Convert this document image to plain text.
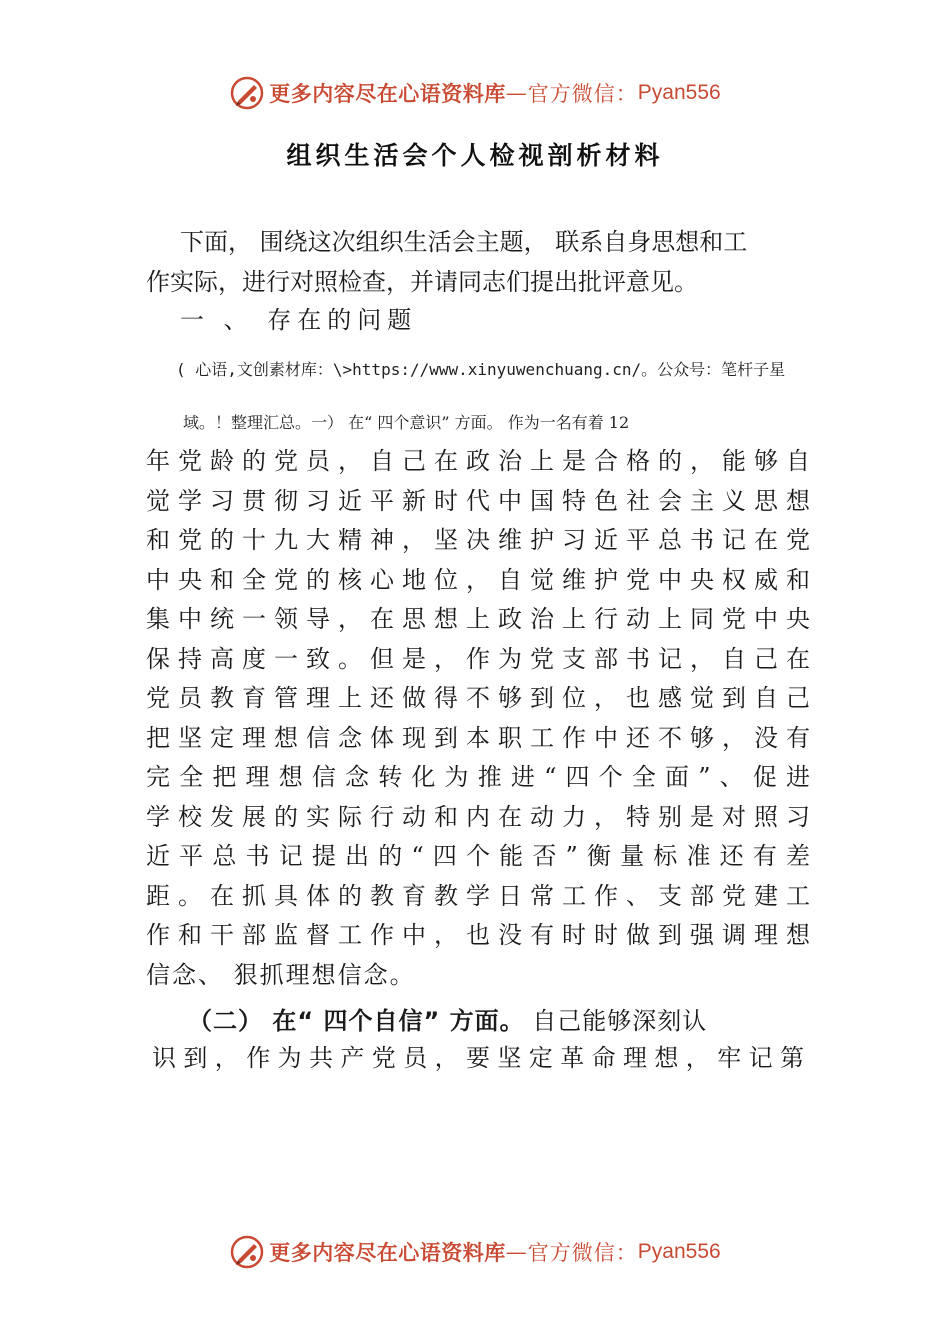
更多内容尽在心语资料库 — 官方微信： Pyan556
组织生活会个人检视剖析材料
下面， 围绕这次组织生活会主题， 联系自身思想和工
作实际，进行对照检查，并请同志们提出批评意见。
一 、 存在的问题
( 心语,文创素材库：\>https://www.xinyuwenchuang.cn/。公众号：笔杆子星
域。！整理汇总。一） 在“ 四个意识” 方面。 作为一名有着 12
年党龄的党员，自己在政治上是合格的，能够自
觉学习贯彻习近平新时代中国特色社会主义思想
和党的十九大精神，坚决维护习近平总书记在党
中央和全党的核心地位，自觉维护党中央权威和
集中统一领导，在思想上政治上行动上同党中央
保持高度一致。但是，作为党支部书记，自己在
党员教育管理上还做得不够到位，也感觉到自己
把坚定理想信念体现到本职工作中还不够，没有
完全把理想信念转化为推进“四个全面”、促进
学校发展的实际行动和内在动力，特别是对照习
近平总书记提出的“四个能否”衡量标准还有差
距。在抓具体的教育教学日常工作、支部党建工
作和干部监督工作中，也没有时时做到强调理想
信念、 狠抓理想信念。
（二） 在“ 四个自信” 方面。 自己能够深刻认
识到，作为共产党员，要坚定革命理想，牢记第
更多内容尽在心语资料库 — 官方微信： Pyan556
